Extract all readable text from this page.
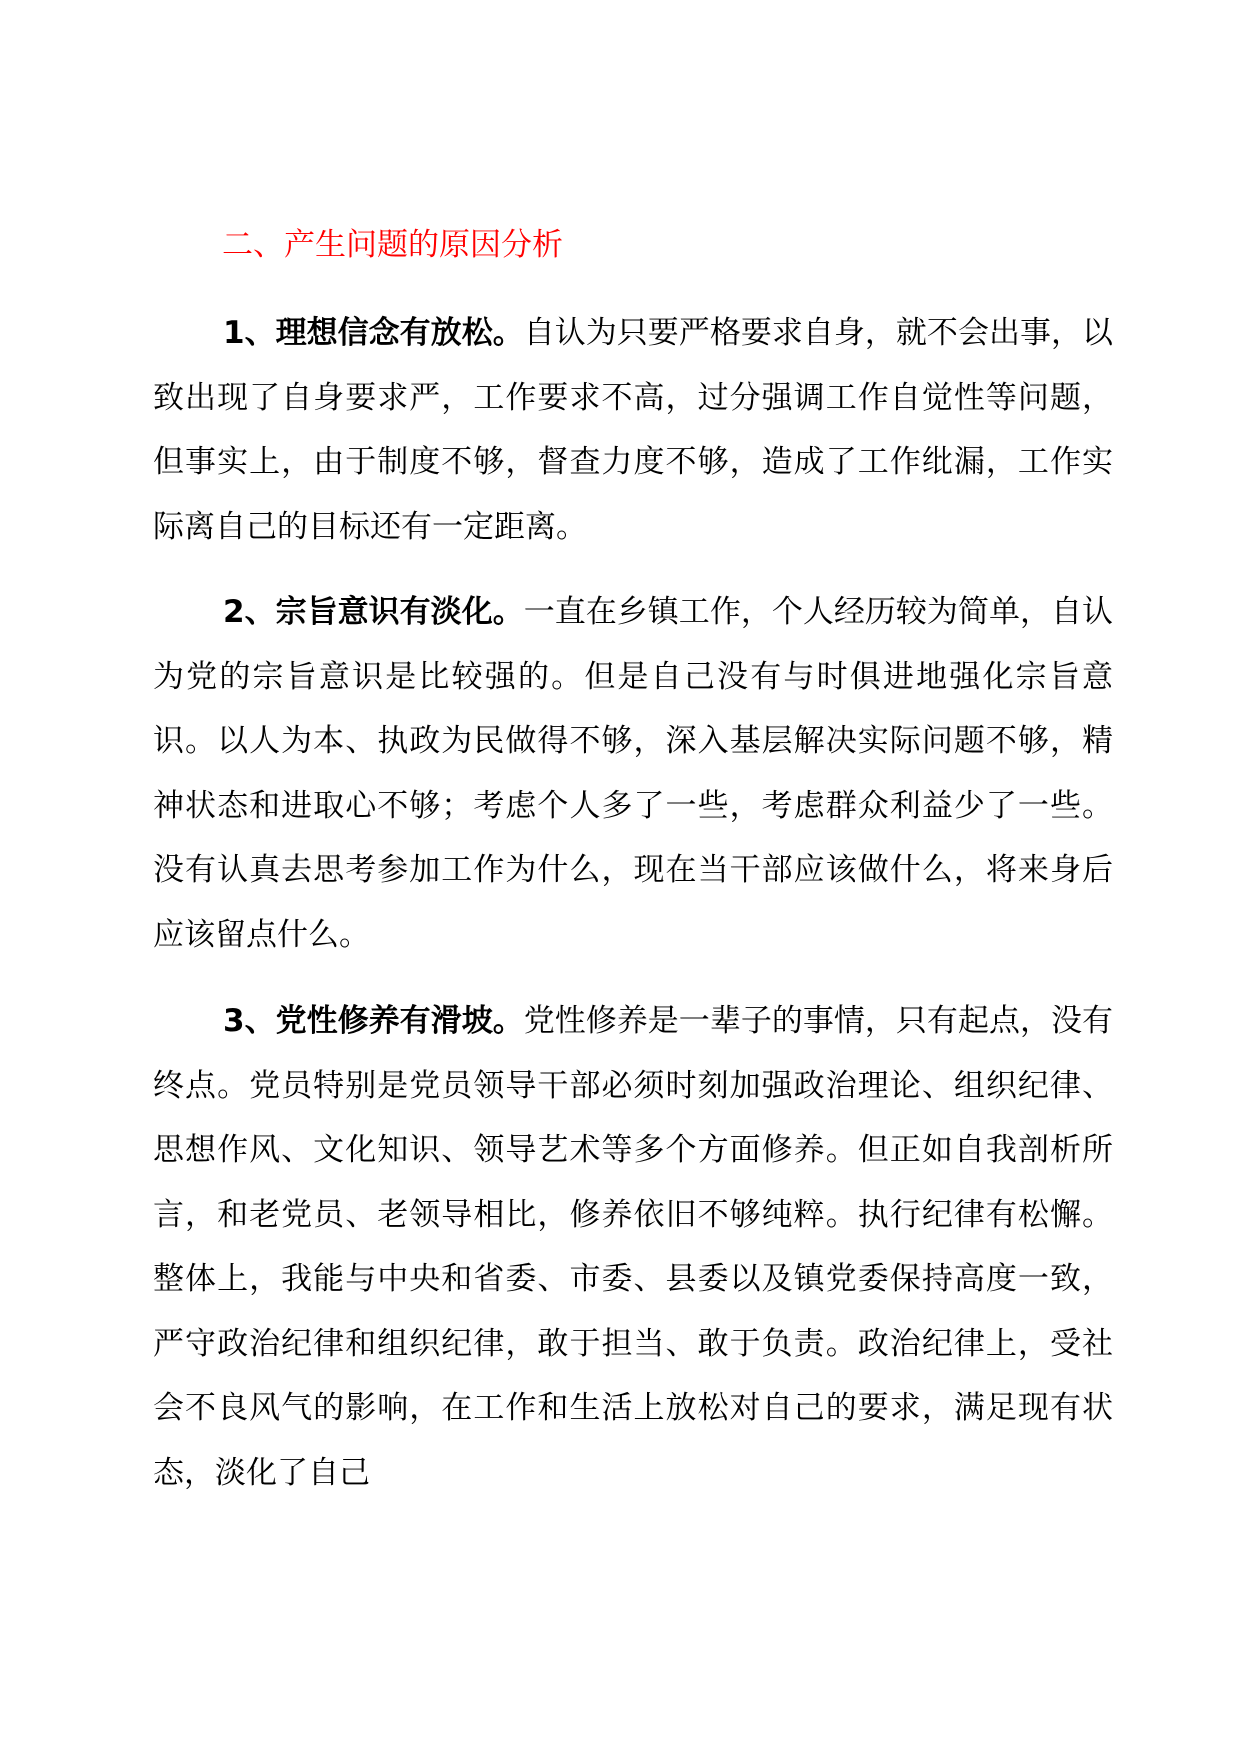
二、产生问题的原因分析

1、理想信念有放松。自认为只要严格要求自身，就不会出事，以致出现了自身要求严，工作要求不高，过分强调工作自觉性等问题，但事实上，由于制度不够，督查力度不够，造成了工作纰漏，工作实际离自己的目标还有一定距离。

2、宗旨意识有淡化。一直在乡镇工作，个人经历较为简单，自认为党的宗旨意识是比较强的。但是自己没有与时俱进地强化宗旨意识。以人为本、执政为民做得不够，深入基层解决实际问题不够，精神状态和进取心不够；考虑个人多了一些，考虑群众利益少了一些。没有认真去思考参加工作为什么，现在当干部应该做什么，将来身后应该留点什么。

3、党性修养有滑坡。党性修养是一辈子的事情，只有起点，没有终点。党员特别是党员领导干部必须时刻加强政治理论、组织纪律、思想作风、文化知识、领导艺术等多个方面修养。但正如自我剖析所言，和老党员、老领导相比，修养依旧不够纯粹。执行纪律有松懈。整体上，我能与中央和省委、市委、县委以及镇党委保持高度一致，严守政治纪律和组织纪律，敢于担当、敢于负责。政治纪律上，受社会不良风气的影响，在工作和生活上放松对自己的要求，满足现有状态，淡化了自己
